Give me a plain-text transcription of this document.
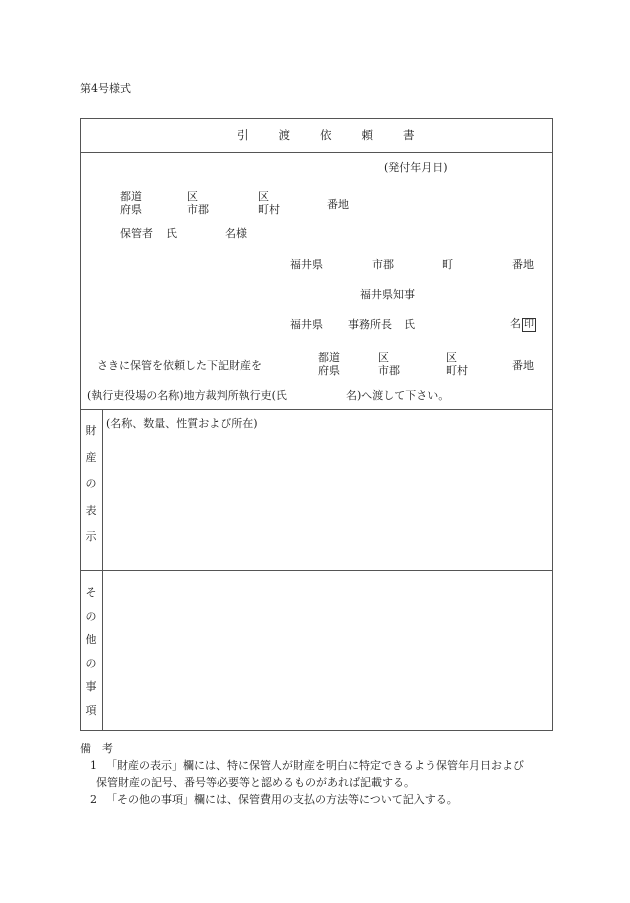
第4号様式
引	渡	依	頼	書
(発付年月日)
都道
府県
区
市郡
区
町村	番地
保管者 氏	名様
福井県	市郡	町	番地
福井県知事
福井県 事務所長 氏	名 印
さきに保管を依頼した下記財産を
都道
府県
区
市郡
区
町村	番地
(執行吏役場の名称)地方裁判所執行吏(氏	名)へ渡して下さい。
財
産
の
表
示
(名称、数量、性質および所在)
そ
の
他
の
事
項
備　考
1 「財産の表示」欄には、特に保管人が財産を明白に特定できるよう保管年月日および
保管財産の記号、番号等必要等と認めるものがあれば記載する。
2 「その他の事項」欄には、保管費用の支払の方法等について記入する。
